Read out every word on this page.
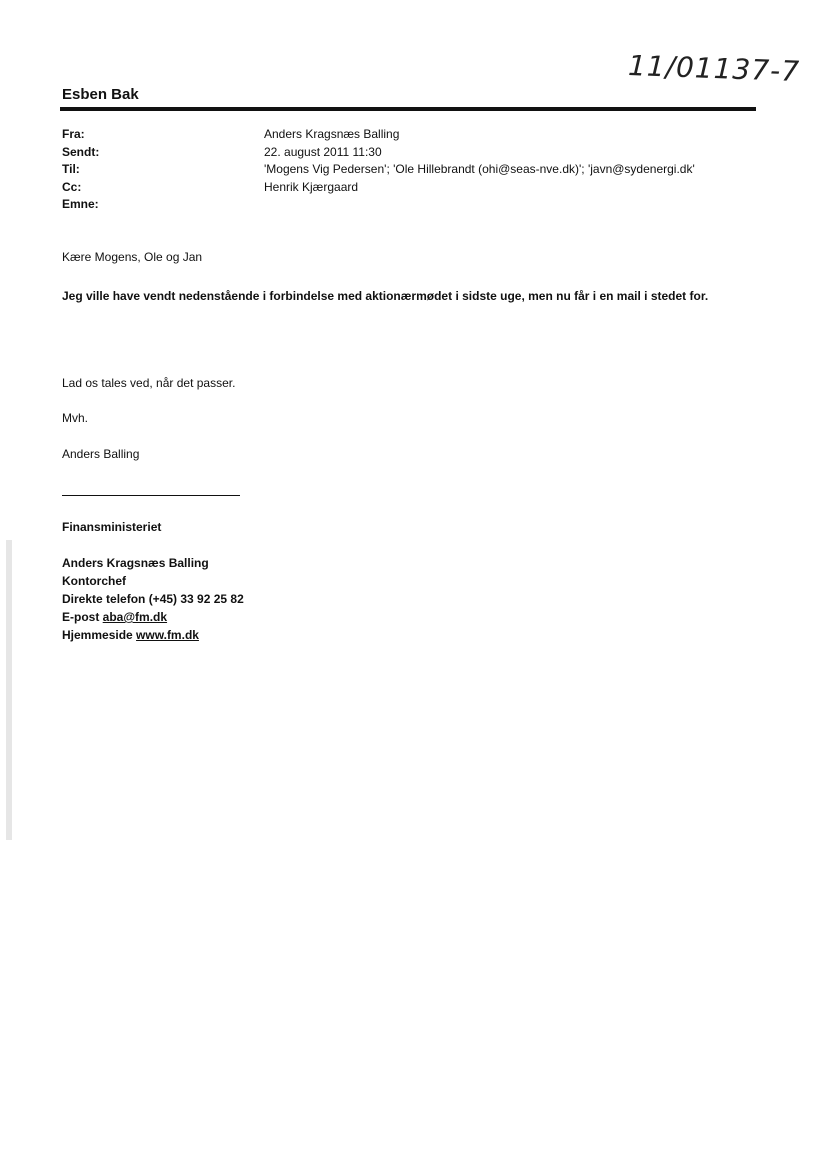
11/01137-7
Esben Bak
Fra:
Sendt:
Til:
Cc:
Emne:
Anders Kragsnæs Balling
22. august 2011 11:30
'Mogens Vig Pedersen'; 'Ole Hillebrandt (ohi@seas-nve.dk)'; 'javn@sydenergi.dk'
Henrik Kjærgaard
Kære Mogens, Ole og Jan
Jeg ville have vendt nedenstående i forbindelse med aktionærmødet i sidste uge, men nu får i en mail i stedet for.
Lad os tales ved, når det passer.
Mvh.
Anders Balling
Finansministeriet
Anders Kragsnæs Balling
Kontorchef
Direkte telefon (+45) 33 92 25 82
E-post aba@fm.dk
Hjemmeside www.fm.dk
